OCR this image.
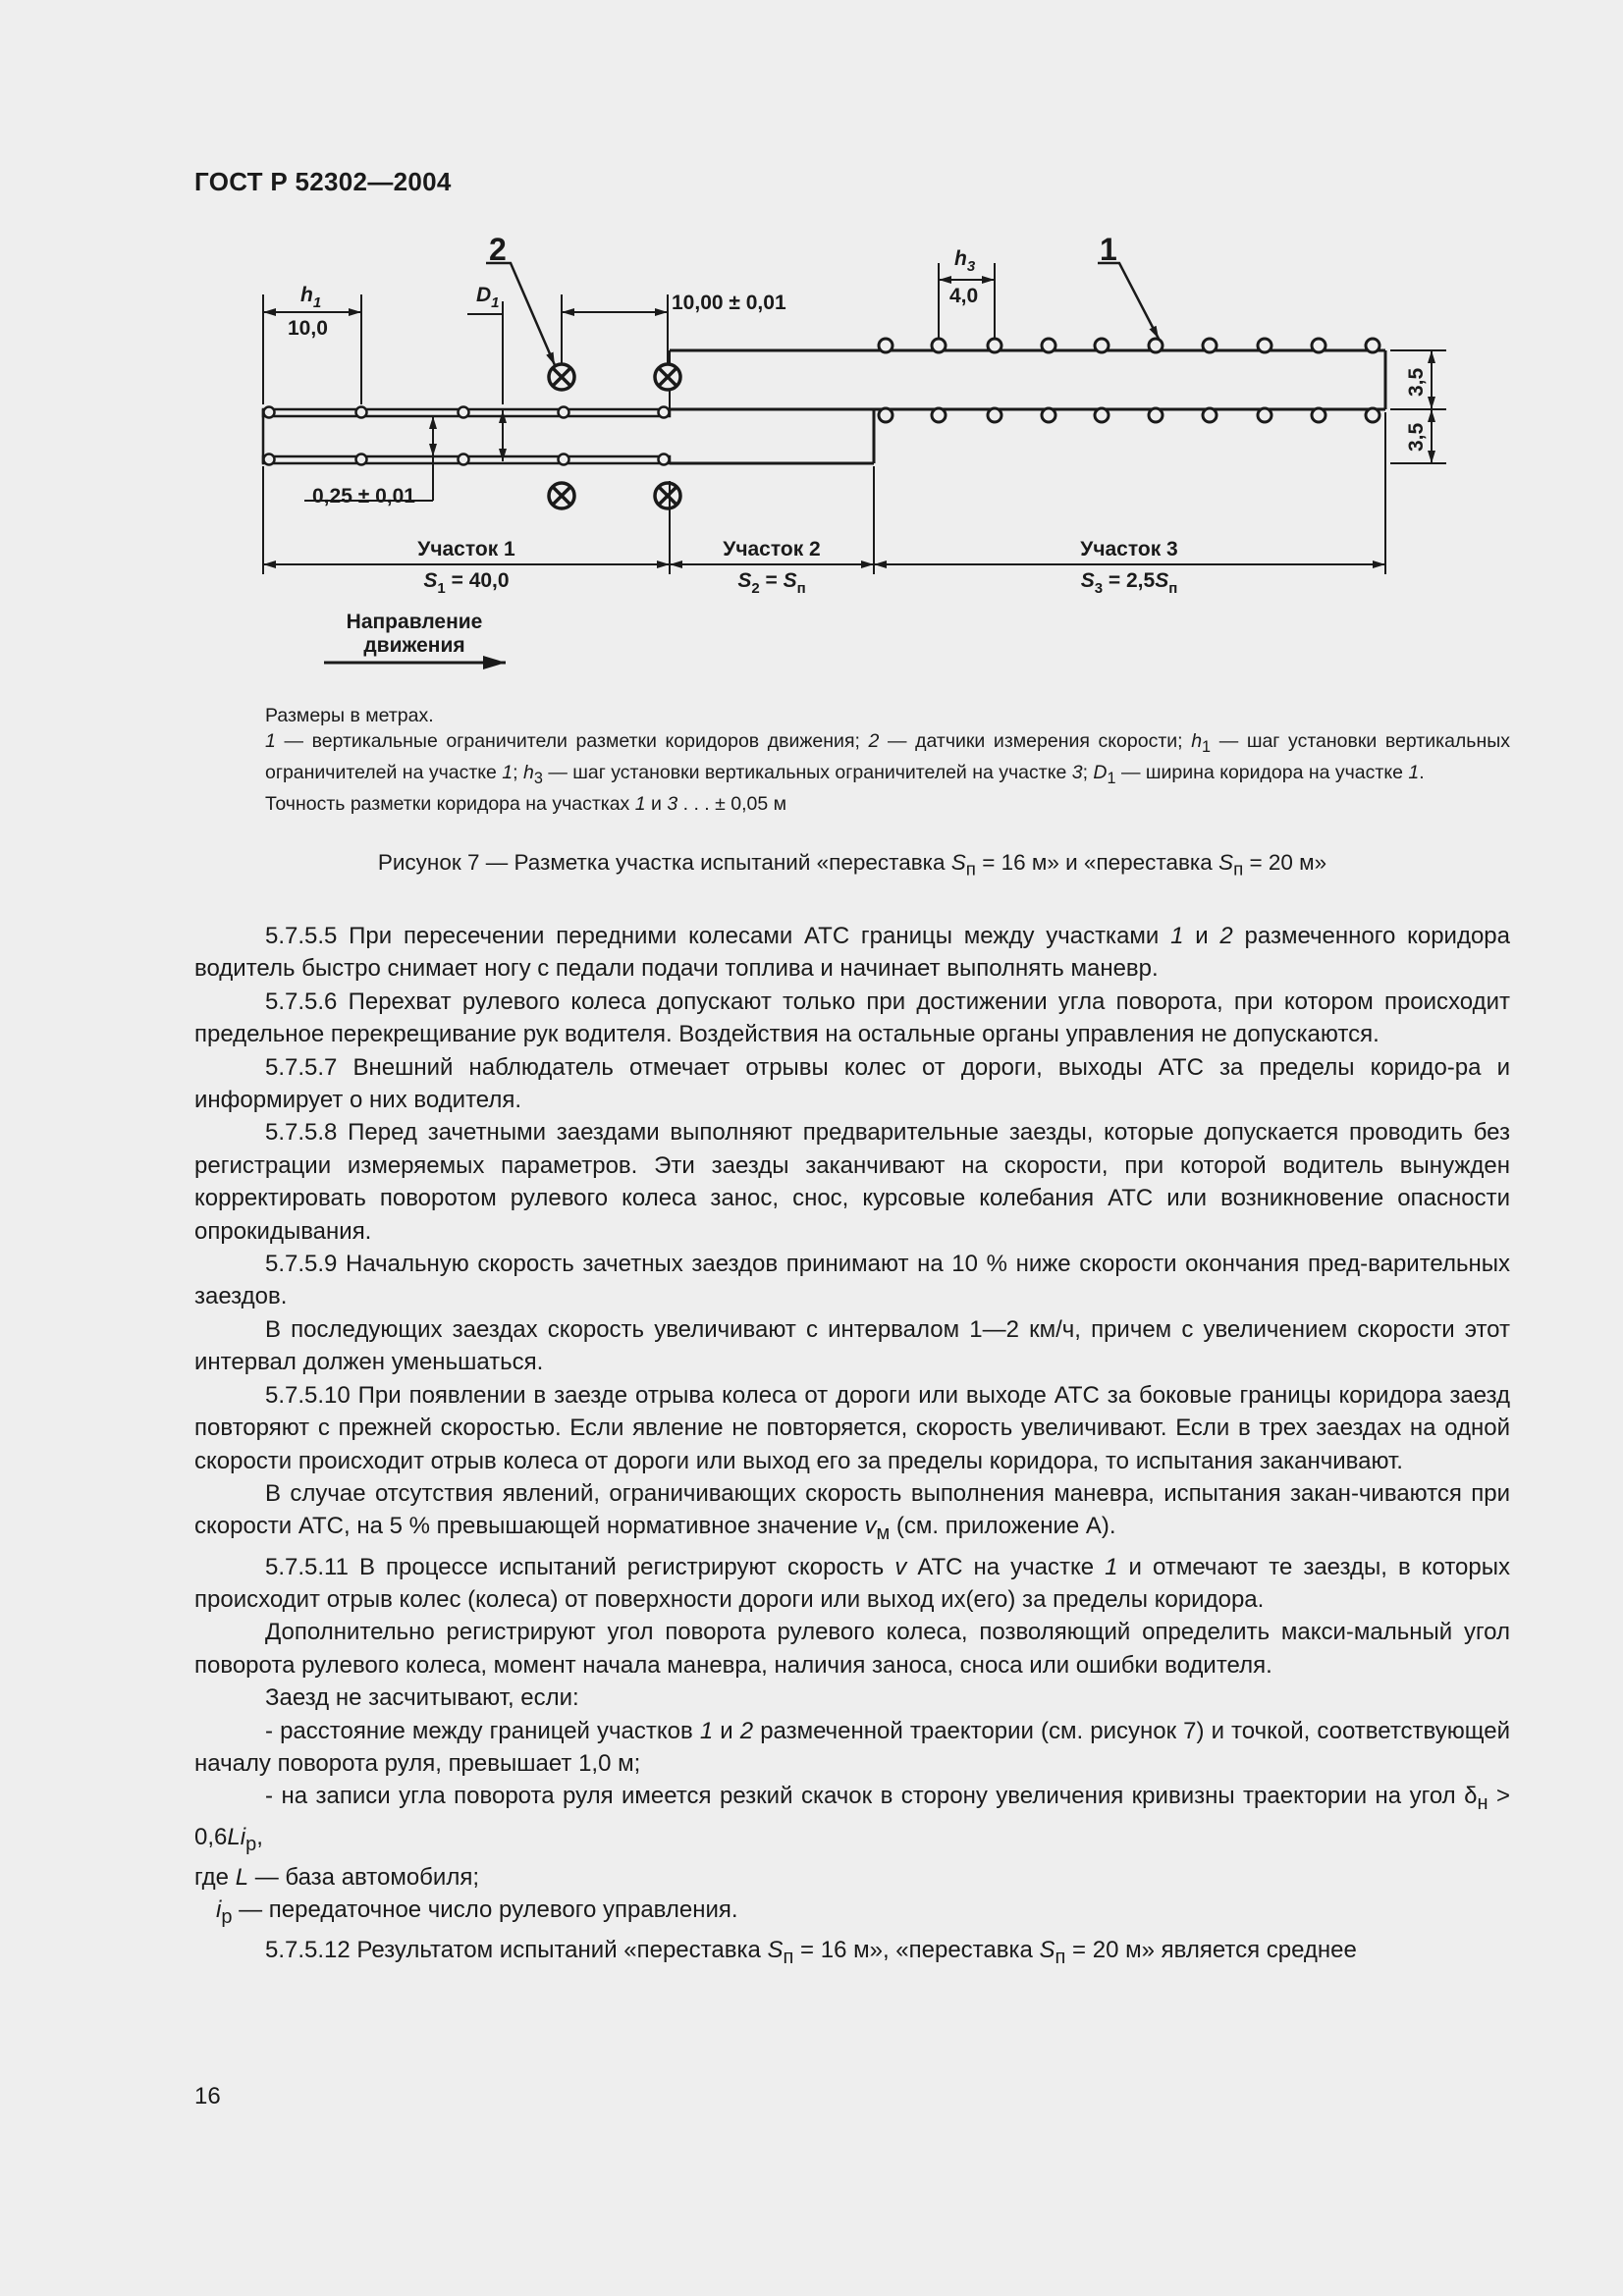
ГОСТ Р 52302—2004
2	1
$h_1$
10,0
$D_1$	10,00 ± 0,01
$h_3$
4,0
0,25 ± 0,01
3,5
3,5
Участок 1
$S_1 = 40,0$
Участок 2
$S_2 = S_п$
Участок 3
$S_3 = 2,5S_п$
Направление
движения

Размеры в метрах.

1 — вертикальные ограничители разметки коридоров движения; 2 — датчики измерения скорости; $h_1$ — шаг установки вертикальных ограничителей на участке 1; $h_3$ — шаг установки вертикальных ограничителей на участке 3; $D_1$ — ширина коридора на участке 1.

Точность разметки коридора на участках 1 и 3 . . . ± 0,05 м

Рисунок 7 — Разметка участка испытаний «переставка $S_п = 16$ м» и «переставка $S_п = 20$ м»

5.7.5.5 При пересечении передними колесами АТС границы между участками 1 и 2 размеченного коридора водитель быстро снимает ногу с педали подачи топлива и начинает выполнять маневр.

5.7.5.6 Перехват рулевого колеса допускают только при достижении угла поворота, при котором происходит предельное перекрещивание рук водителя. Воздействия на остальные органы управления не допускаются.

5.7.5.7 Внешний наблюдатель отмечает отрывы колес от дороги, выходы АТС за пределы коридо-ра и информирует о них водителя.

5.7.5.8 Перед зачетными заездами выполняют предварительные заезды, которые допускается проводить без регистрации измеряемых параметров. Эти заезды заканчивают на скорости, при которой водитель вынужден корректировать поворотом рулевого колеса занос, снос, курсовые колебания АТС или возникновение опасности опрокидывания.

5.7.5.9 Начальную скорость зачетных заездов принимают на 10 % ниже скорости окончания пред-варительных заездов.

В последующих заездах скорость увеличивают с интервалом 1—2 км/ч, причем с увеличением скорости этот интервал должен уменьшаться.

5.7.5.10 При появлении в заезде отрыва колеса от дороги или выходе АТС за боковые границы коридора заезд повторяют с прежней скоростью. Если явление не повторяется, скорость увеличивают. Если в трех заездах на одной скорости происходит отрыв колеса от дороги или выход его за пределы коридора, то испытания заканчивают.

В случае отсутствия явлений, ограничивающих скорость выполнения маневра, испытания закан-чиваются при скорости АТС, на 5 % превышающей нормативное значение $v_м$ (см. приложение А).

5.7.5.11 В процессе испытаний регистрируют скорость v АТС на участке 1 и отмечают те заезды, в которых происходит отрыв колес (колеса) от поверхности дороги или выход их(его) за пределы коридора.

Дополнительно регистрируют угол поворота рулевого колеса, позволяющий определить макси-мальный угол поворота рулевого колеса, момент начала маневра, наличия заноса, сноса или ошибки водителя.

Заезд не засчитывают, если:

- расстояние между границей участков 1 и 2 размеченной траектории (см. рисунок 7) и точкой, соответствующей началу поворота руля, превышает 1,0 м;

- на записи угла поворота руля имеется резкий скачок в сторону увеличения кривизны траектории на угол $\delta_н > 0,6Li_р$,

где L — база автомобиля;

$i_р$ — передаточное число рулевого управления.

5.7.5.12 Результатом испытаний «переставка $S_п = 16$ м», «переставка $S_п = 20$ м» является среднее

16
